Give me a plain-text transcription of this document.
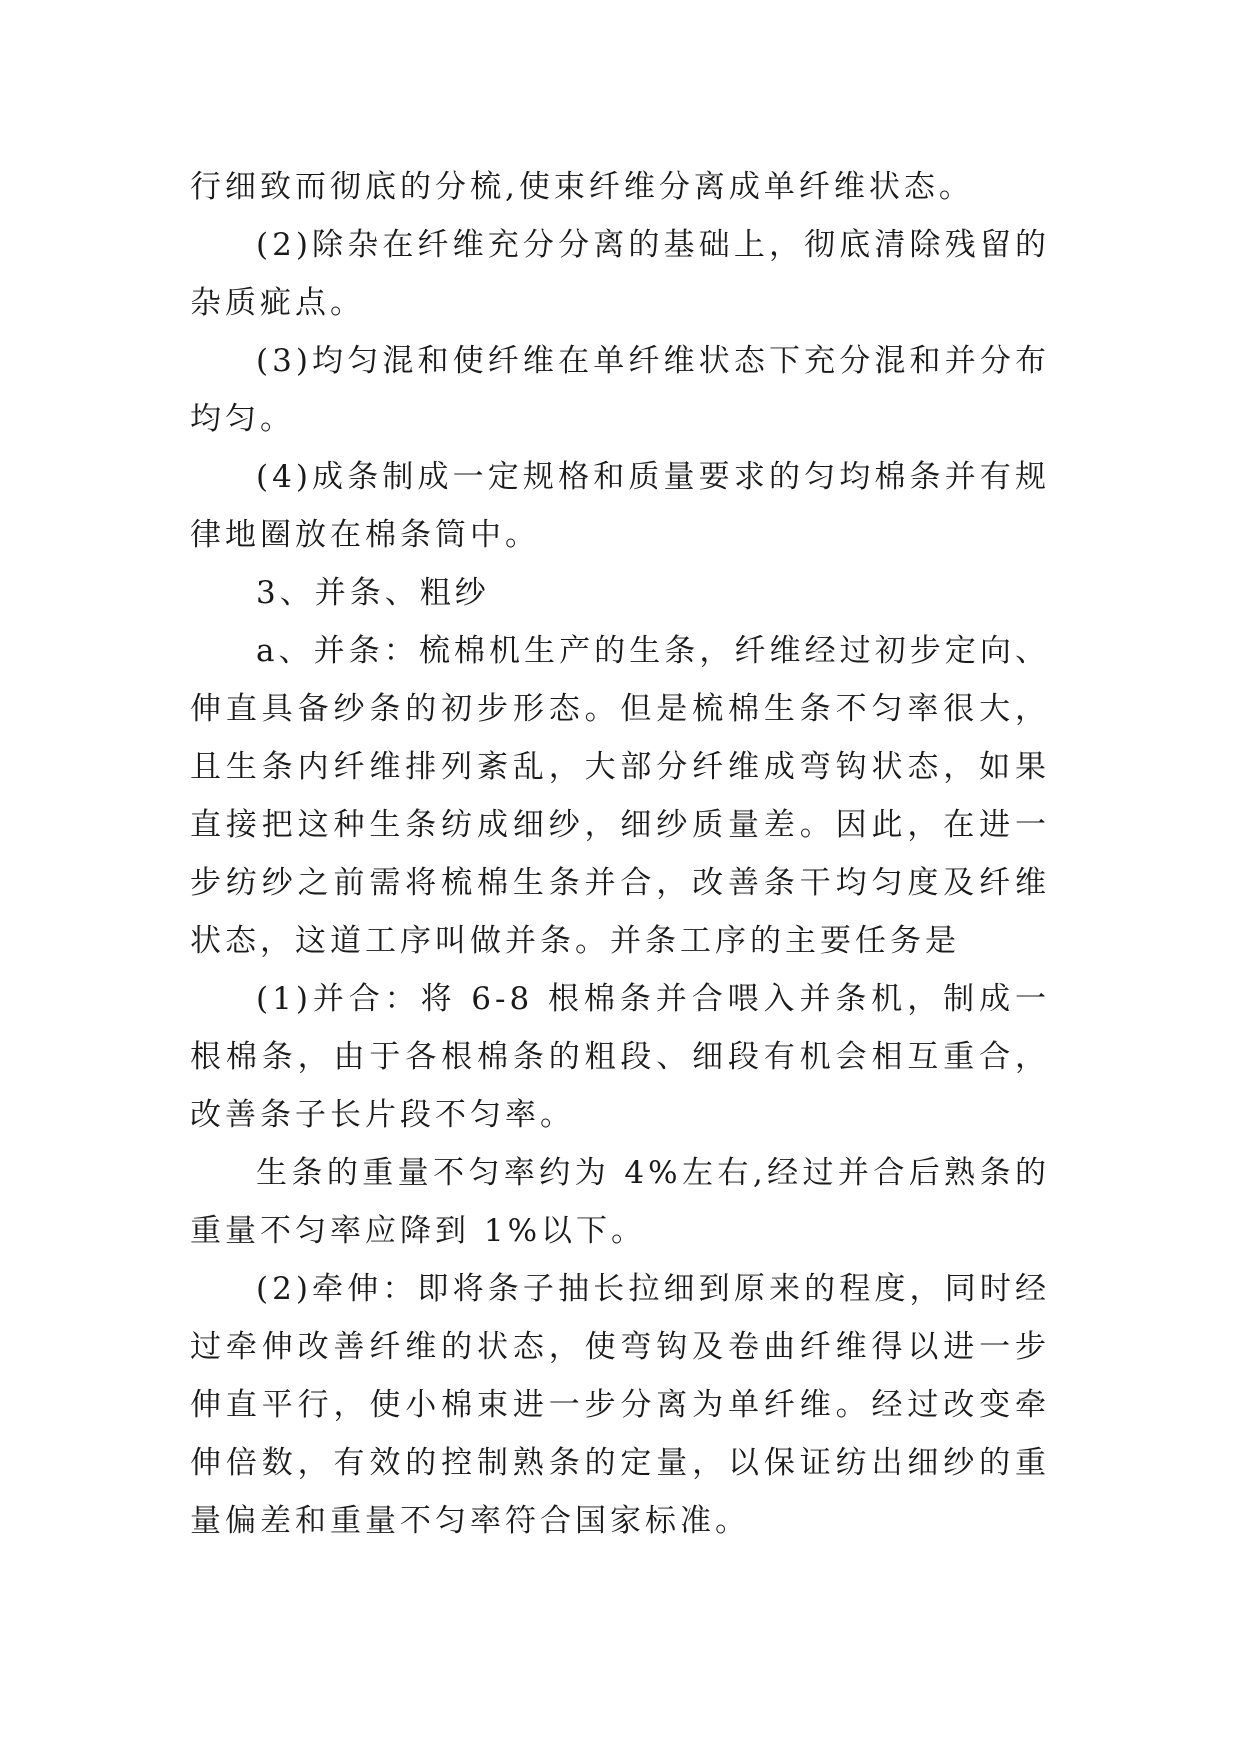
行细致而彻底的分梳,使束纤维分离成单纤维状态。

(2)除杂在纤维充分分离的基础上，彻底清除残留的杂质疵点。

(3)均匀混和使纤维在单纤维状态下充分混和并分布均匀。

(4)成条制成一定规格和质量要求的匀均棉条并有规律地圈放在棉条筒中。

3、并条、粗纱

a、并条：梳棉机生产的生条，纤维经过初步定向、伸直具备纱条的初步形态。但是梳棉生条不匀率很大，且生条内纤维排列紊乱，大部分纤维成弯钩状态，如果直接把这种生条纺成细纱，细纱质量差。因此，在进一步纺纱之前需将梳棉生条并合，改善条干均匀度及纤维状态，这道工序叫做并条。并条工序的主要任务是

(1)并合：将 6-8 根棉条并合喂入并条机，制成一根棉条，由于各根棉条的粗段、细段有机会相互重合，改善条子长片段不匀率。

生条的重量不匀率约为 4%左右,经过并合后熟条的重量不匀率应降到 1%以下。

(2)牵伸：即将条子抽长拉细到原来的程度，同时经过牵伸改善纤维的状态，使弯钩及卷曲纤维得以进一步伸直平行，使小棉束进一步分离为单纤维。经过改变牵伸倍数，有效的控制熟条的定量，以保证纺出细纱的重量偏差和重量不匀率符合国家标准。
